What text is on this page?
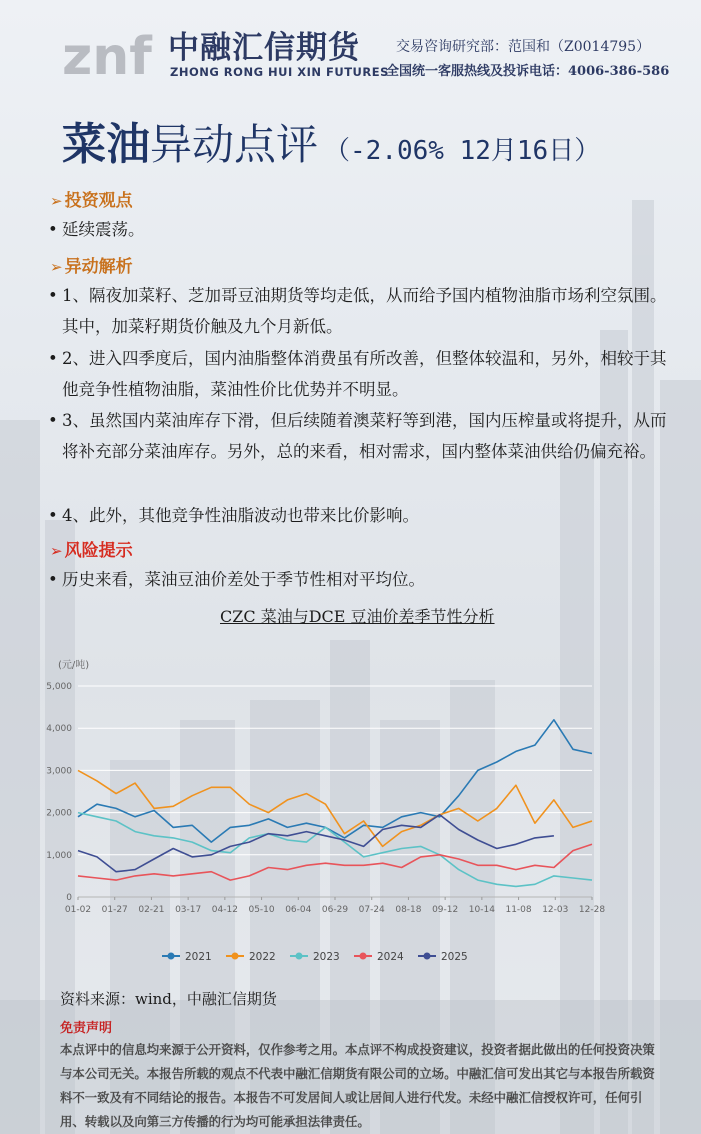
znf 中融汇信期货
ZHONG RONG HUI XIN FUTURES
交易咨询研究部：范国和（Z0014795）
全国统一客服热线及投诉电话：4006-386-586
菜油异动点评 （-2.06% 12月16日）
➢ 投资观点
• 延续震荡。
➢ 异动解析
• 1、隔夜加菜籽、芝加哥豆油期货等均走低，从而给予国内植物油脂市场利空氛围。其中，加菜籽期货价触及九个月新低。
• 2、进入四季度后，国内油脂整体消费虽有所改善，但整体较温和，另外，相较于其他竞争性植物油脂，菜油性价比优势并不明显。
• 3、虽然国内菜油库存下滑，但后续随着澳菜籽等到港，国内压榨量或将提升，从而将补充部分菜油库存。另外，总的来看，相对需求，国内整体菜油供给仍偏充裕。
• 4、此外，其他竞争性油脂波动也带来比价影响。
➢ 风险提示
• 历史来看，菜油豆油价差处于季节性相对平均位。
CZC 菜油与DCE 豆油价差季节性分析
(元/吨)
0
1,000
2,000
3,000
4,000
5,000
01-02 01-27 02-21 03-17 04-12 05-10 06-04 06-29 07-24 08-18 09-12 10-14 11-08 12-03 12-28
2021	2022	2023	2024	2025
资料来源：wind，中融汇信期货
免责声明
本点评中的信息均来源于公开资料，仅作参考之用。本点评不构成投资建议，投资者据此做出的任何投资决策与本公司无关。本报告所载的观点不代表中融汇信期货有限公司的立场。中融汇信可发出其它与本报告所载资料不一致及有不同结论的报告。本报告不可发居间人或让居间人进行代发。未经中融汇信授权许可，任何引用、转载以及向第三方传播的行为均可能承担法律责任。
